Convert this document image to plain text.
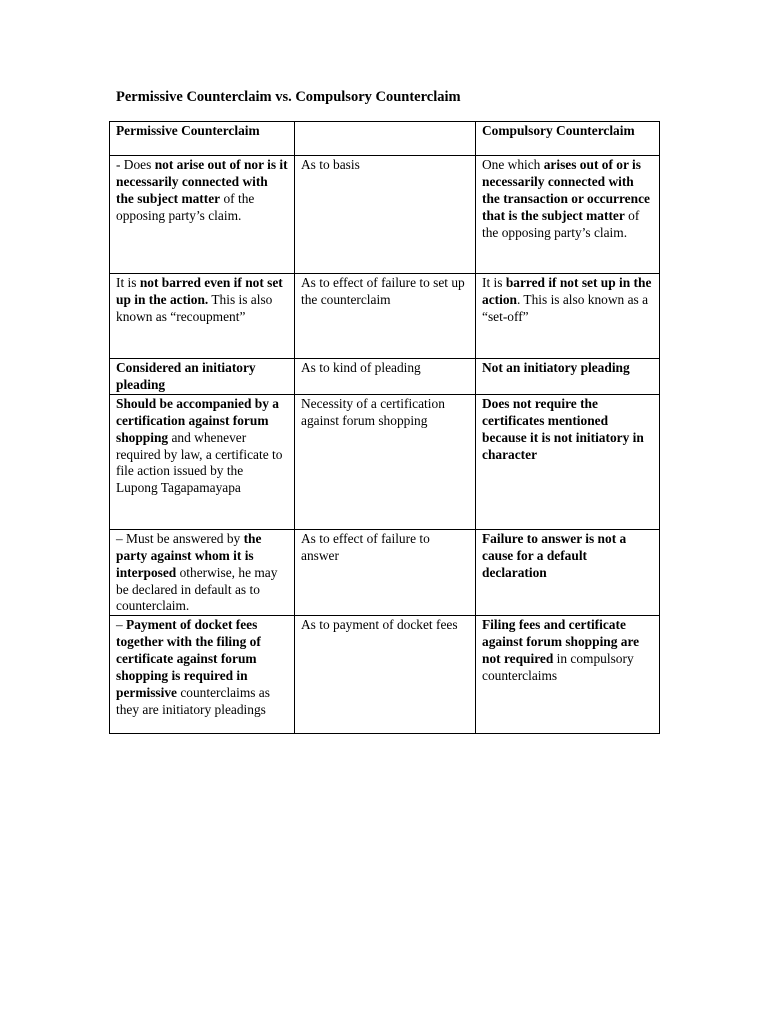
Permissive Counterclaim vs. Compulsory Counterclaim
Permissive Counterclaim		Compulsory Counterclaim
- Does not arise out of nor is it necessarily connected with the subject matter of the opposing party’s claim.	As to basis	One which arises out of or is necessarily connected with the transaction or occurrence that is the subject matter of the opposing party’s claim.
It is not barred even if not set up in the action. This is also known as “recoupment”	As to effect of failure to set up the counterclaim	It is barred if not set up in the action. This is also known as a “set-off”
Considered an initiatory pleading	As to kind of pleading	Not an initiatory pleading
Should be accompanied by a certification against forum shopping and whenever required by law, a certificate to file action issued by the Lupong Tagapamayapa	Necessity of a certification against forum shopping	Does not require the certificates mentioned because it is not initiatory in character
– Must be answered by the party against whom it is interposed otherwise, he may be declared in default as to counterclaim.	As to effect of failure to answer	Failure to answer is not a cause for a default declaration
– Payment of docket fees together with the filing of certificate against forum shopping is required in permissive counterclaims as they are initiatory pleadings	As to payment of docket fees	Filing fees and certificate against forum shopping are not required in compulsory counterclaims
